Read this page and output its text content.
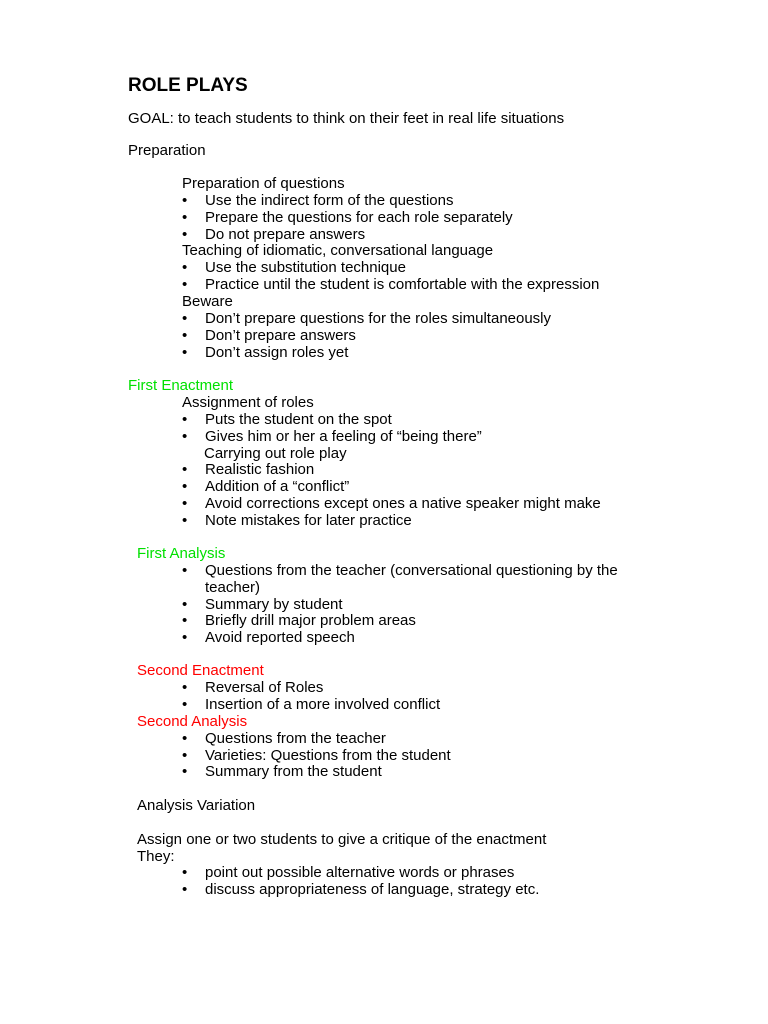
ROLE PLAYS
GOAL: to teach students to think on their feet in real life situations
Preparation
Preparation of questions
• Use the indirect form of the questions
• Prepare the questions for each role separately
• Do not prepare answers
Teaching of idiomatic, conversational language
• Use the substitution technique
• Practice until the student is comfortable with the expression
Beware
• Don’t prepare questions for the roles simultaneously
• Don’t prepare answers
• Don’t assign roles yet
First Enactment
Assignment of roles
• Puts the student on the spot
• Gives him or her a feeling of “being there”
Carrying out role play
• Realistic fashion
• Addition of a “conflict”
• Avoid corrections except ones a native speaker might make
• Note mistakes for later practice
First Analysis
• Questions from the teacher (conversational questioning by the
teacher)
• Summary by student
• Briefly drill major problem areas
• Avoid reported speech
Second Enactment
• Reversal of Roles
• Insertion of a more involved conflict
Second Analysis
• Questions from the teacher
• Varieties: Questions from the student
• Summary from the student
Analysis Variation
Assign one or two students to give a critique of the enactment
They:
• point out possible alternative words or phrases
• discuss appropriateness of language, strategy etc.
